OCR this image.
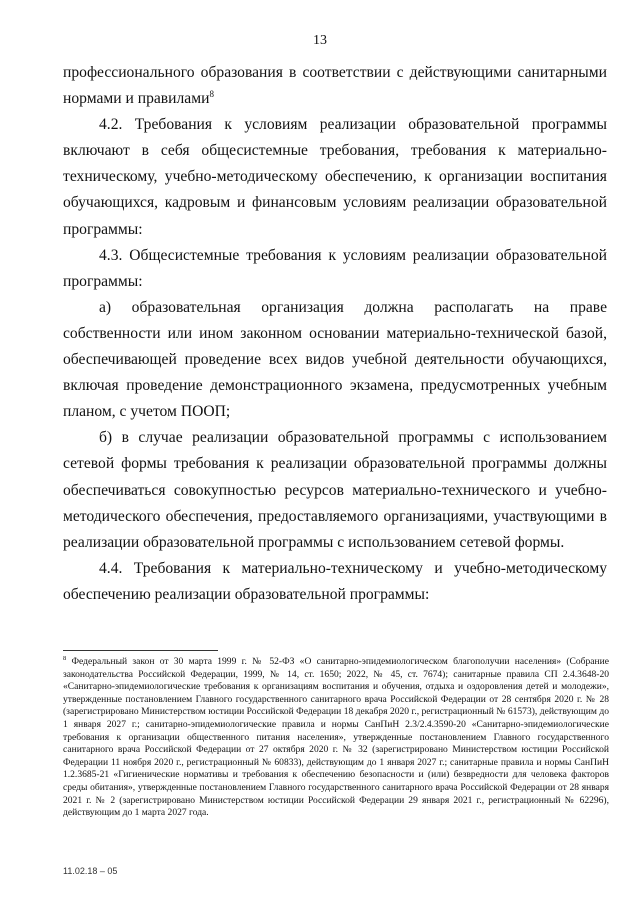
13

профессионального образования в соответствии с действующими санитарными нормами и правилами$^8$

4.2. Требования к условиям реализации образовательной программы включают в себя общесистемные требования, требования к материально-техническому, учебно-методическому обеспечению, к организации воспитания обучающихся, кадровым и финансовым условиям реализации образовательной программы:

4.3. Общесистемные требования к условиям реализации образовательной программы:

а) образовательная организация должна располагать на праве собственности или ином законном основании материально-технической базой, обеспечивающей проведение всех видов учебной деятельности обучающихся, включая проведение демонстрационного экзамена, предусмотренных учебным планом, с учетом ПООП;

б) в случае реализации образовательной программы с использованием сетевой формы требования к реализации образовательной программы должны обеспечиваться совокупностью ресурсов материально-технического и учебно-методического обеспечения, предоставляемого организациями, участвующими в реализации образовательной программы с использованием сетевой формы.

4.4. Требования к материально-техническому и учебно-методическому обеспечению реализации образовательной программы:

$^8$ Федеральный закон от 30 марта 1999 г. № 52-ФЗ «О санитарно-эпидемиологическом благополучии населения» (Собрание законодательства Российской Федерации, 1999, № 14, ст. 1650; 2022, № 45, ст. 7674); санитарные правила СП 2.4.3648-20 «Санитарно-эпидемиологические требования к организациям воспитания и обучения, отдыха и оздоровления детей и молодежи», утвержденные постановлением Главного государственного санитарного врача Российской Федерации от 28 сентября 2020 г. № 28 (зарегистрировано Министерством юстиции Российской Федерации 18 декабря 2020 г., регистрационный № 61573), действующим до 1 января 2027 г.; санитарно-эпидемиологические правила и нормы СанПиН 2.3/2.4.3590-20 «Санитарно-эпидемиологические требования к организации общественного питания населения», утвержденные постановлением Главного государственного санитарного врача Российской Федерации от 27 октября 2020 г. № 32 (зарегистрировано Министерством юстиции Российской Федерации 11 ноября 2020 г., регистрационный № 60833), действующим до 1 января 2027 г.; санитарные правила и нормы СанПиН 1.2.3685-21 «Гигиенические нормативы и требования к обеспечению безопасности и (или) безвредности для человека факторов среды обитания», утвержденные постановлением Главного государственного санитарного врача Российской Федерации от 28 января 2021 г. № 2 (зарегистрировано Министерством юстиции Российской Федерации 29 января 2021 г., регистрационный № 62296), действующим до 1 марта 2027 года.
11.02.18 – 05
